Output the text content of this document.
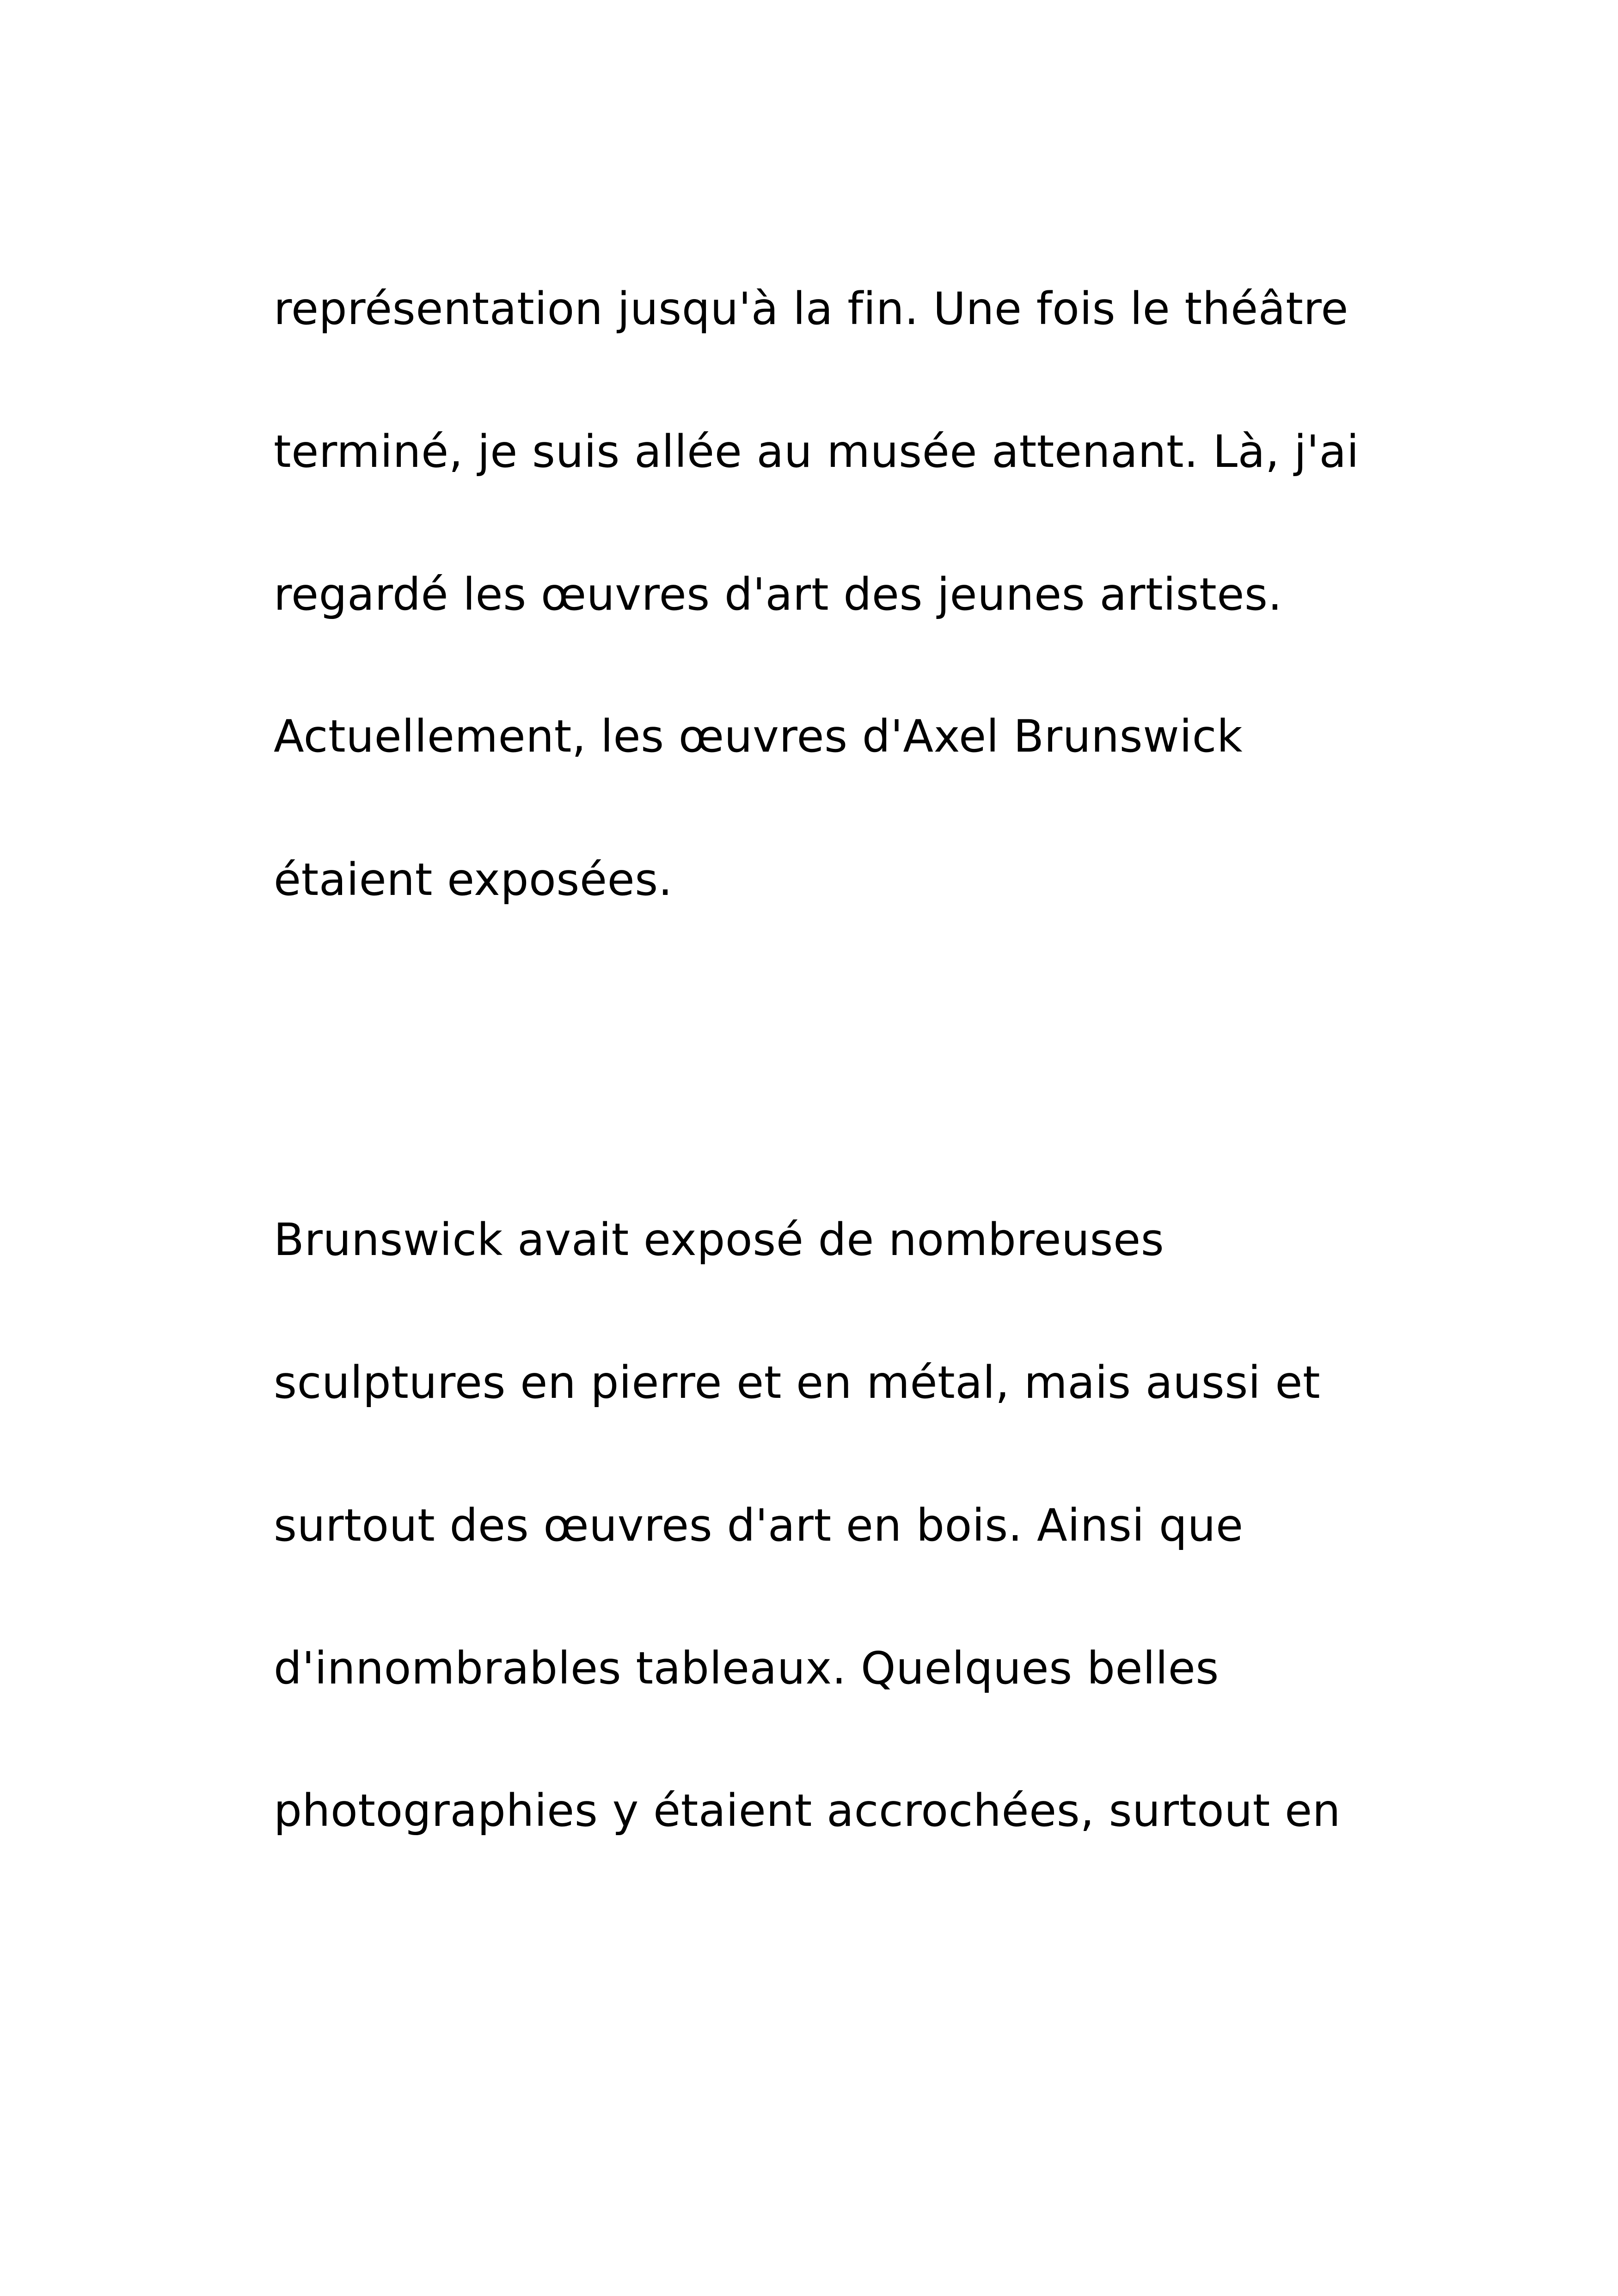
représentation jusqu'à la fin. Une fois le théâtre

terminé, je suis allée au musée attenant. Là, j'ai

regardé les œuvres d'art des jeunes artistes.

Actuellement, les œuvres d'Axel Brunswick

étaient exposées.

Brunswick avait exposé de nombreuses

sculptures en pierre et en métal, mais aussi et

surtout des œuvres d'art en bois. Ainsi que

d'innombrables tableaux. Quelques belles

photographies y étaient accrochées, surtout en
